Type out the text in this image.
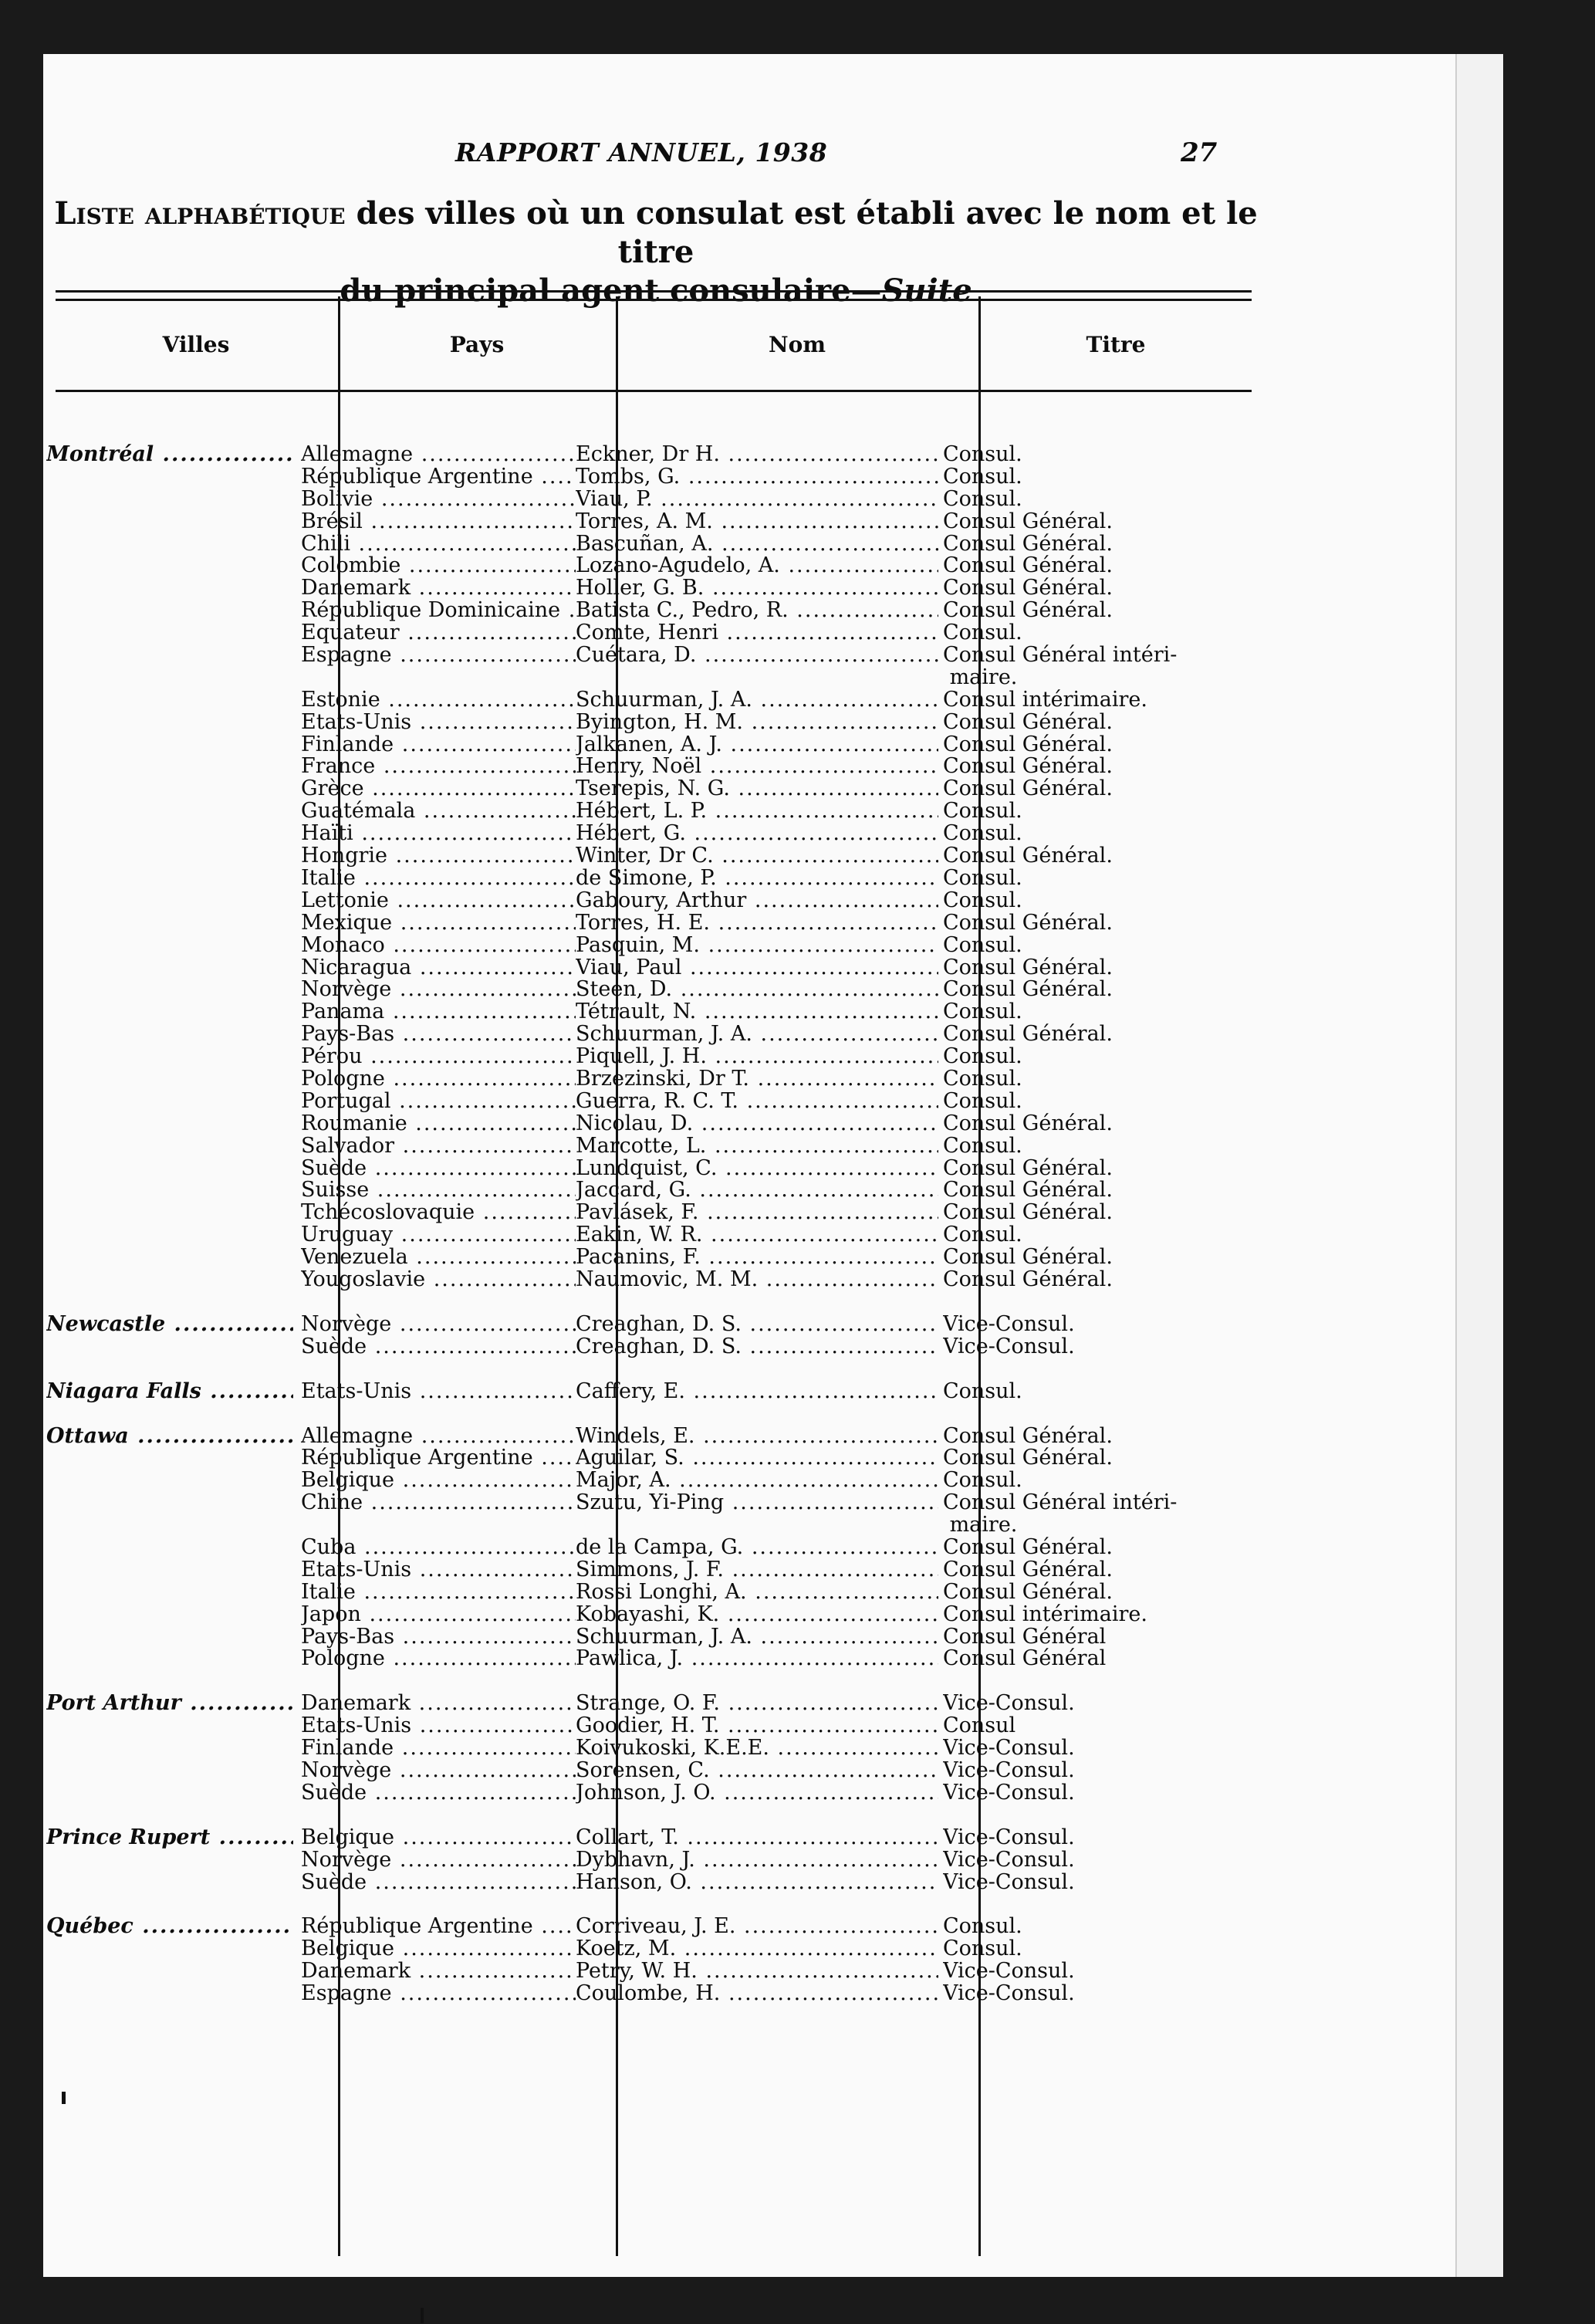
RAPPORT ANNUEL, 1938	27
Liste alphabétique des villes où un consulat est établi avec le nom et le titre
du principal agent consulaire—Suite
Villes	Pays	Nom	Titre
Montréal .....	Allemagne .....	Eckner, Dr H. .....	Consul.
République Argentine .....	Tombs, G. .....	Consul.
Bolivie .....	Viau, P. .....	Consul.
Brésil .....	Torres, A. M. .....	Consul Général.
Chili .....	Bascuñan, A. .....	Consul Général.
Colombie .....	Lozano-Agudelo, A. .....	Consul Général.
Danemark .....	Holler, G. B. .....	Consul Général.
République Dominicaine ..... Batista C., Pedro, R. .....	Consul Général.
Equateur .....	Comte, Henri .....	Consul.
Espagne .....	Cuétara, D. .....	Consul Général intéri- maire.
Estonie .....	Schuurman, J. A. .....	Consul intérimaire.
Etats-Unis .....	Byington, H. M. .....	Consul Général.
Finlande .....	Jalkanen, A. J. .....	Consul Général.
France .....	Henry, Noël .....	Consul Général.
Grèce .....	Tserepis, N. G. .....	Consul Général.
Guatémala .....	Hébert, L. P. .....	Consul.
Haïti .....	Hébert, G. .....	Consul.
Hongrie .....	Winter, Dr C. .....	Consul Général.
Italie .....	de Simone, P. .....	Consul.
Lettonie .....	Gaboury, Arthur .....	Consul.
Mexique .....	Torres, H. E. .....	Consul Général.
Monaco .....	Pasquin, M. .....	Consul.
Nicaragua .....	Viau, Paul .....	Consul Général.
Norvège .....	Steen, D. .....	Consul Général.
Panama .....	Tétrault, N. .....	Consul.
Pays-Bas .....	Schuurman, J. A. .....	Consul Général.
Pérou .....	Piquell, J. H. .....	Consul.
Pologne .....	Brzezinski, Dr T. .....	Consul.
Portugal .....	Guerra, R. C. T. .....	Consul.
Roumanie .....	Nicolau, D. .....	Consul Général.
Salvador .....	Marcotte, L. .....	Consul.
Suède .....	Lundquist, C. .....	Consul Général.
Suisse .....	Jaccard, G. .....	Consul Général.
Tchécoslovaquie .....	Pavlásek, F. .....	Consul Général.
Uruguay .....	Eakin, W. R. .....	Consul.
Venezuela .....	Pacanins, F. .....	Consul Général.
Yougoslavie .....	Naumovic, M. M. .....	Consul Général.
Newcastle .....	Norvège .....	Creaghan, D. S. .....	Vice-Consul.
Suède .....	Creaghan, D. S. .....	Vice-Consul.
Niagara Falls .....	Etats-Unis .....	Caffery, E. .....	Consul.
Ottawa .....	Allemagne .....	Windels, E. .....	Consul Général.
République Argentine .....	Aguilar, S. .....	Consul Général.
Belgique .....	Major, A. .....	Consul.
Chine .....	Szutu, Yi-Ping .....	Consul Général intéri- maire.
Cuba .....	de la Campa, G. .....	Consul Général.
Etats-Unis .....	Simmons, J. F. .....	Consul Général.
Italie .....	Rossi Longhi, A. .....	Consul Général.
Japon .....	Kobayashi, K. .....	Consul intérimaire.
Pays-Bas .....	Schuurman, J. A. .....	Consul Général
Pologne .....	Pawlica, J. .....	Consul Général
Port Arthur .....	Danemark .....	Strange, O. F. .....	Vice-Consul.
Etats-Unis .....	Goodier, H. T. .....	Consul
Finlande .....	Koivukoski, K.E.E. .....	Vice-Consul.
Norvège .....	Sorensen, C. .....	Vice-Consul.
Suède .....	Johnson, J. O. .....	Vice-Consul.
Prince Rupert .....	Belgique .....	Collart, T. .....	Vice-Consul.
Norvège .....	Dybhavn, J. .....	Vice-Consul.
Suède .....	Hanson, O. .....	Vice-Consul.
Québec .....	République Argentine .....	Corriveau, J. E. .....	Consul.
Belgique .....	Koetz, M. .....	Consul.
Danemark .....	Petry, W. H. .....	Vice-Consul.
Espagne .....	Coulombe, H. .....	Vice-Consul.
